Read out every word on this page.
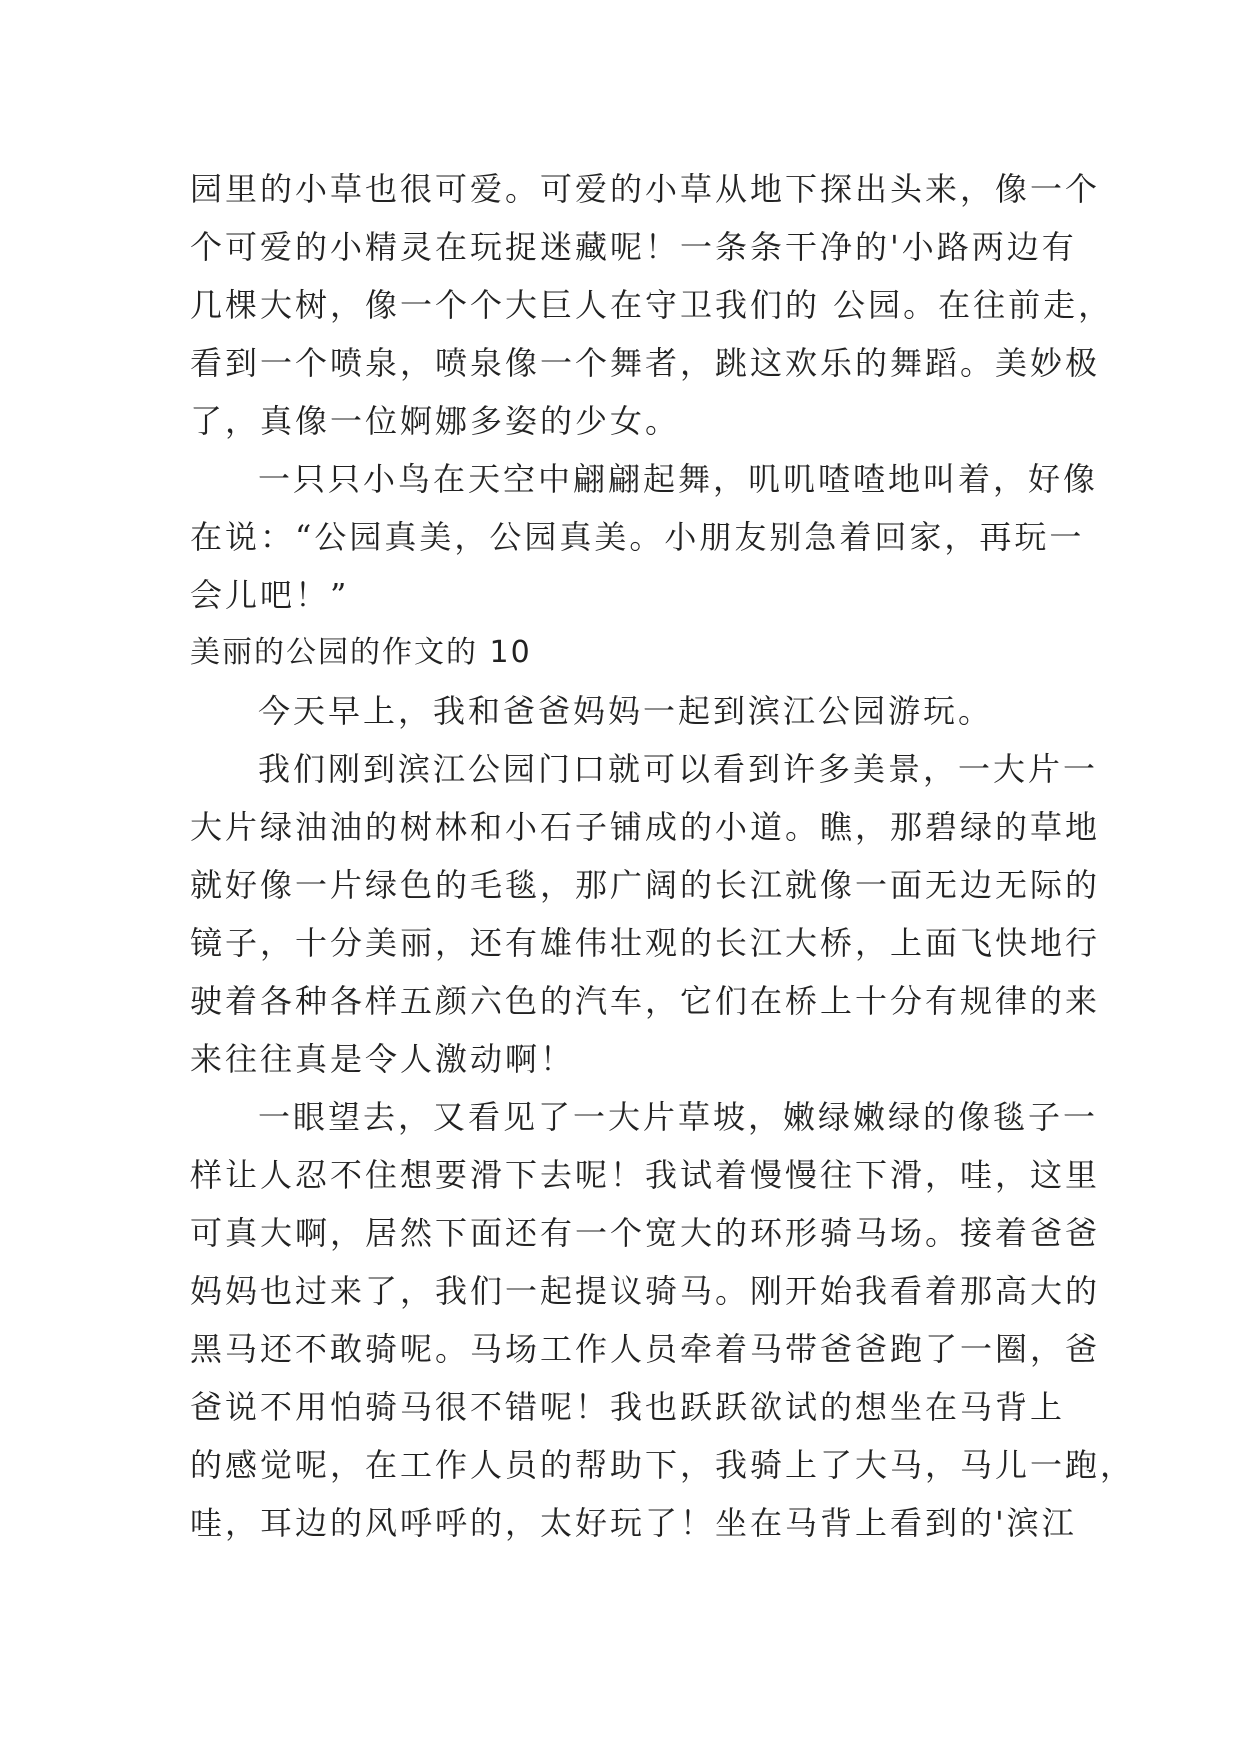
园里的小草也很可爱。可爱的小草从地下探出头来，像一个
个可爱的小精灵在玩捉迷藏呢！一条条干净的'小路两边有
几棵大树，像一个个大巨人在守卫我们的 公园。在往前走，
看到一个喷泉，喷泉像一个舞者，跳这欢乐的舞蹈。美妙极
了，真像一位婀娜多姿的少女。
一只只小鸟在天空中翩翩起舞，叽叽喳喳地叫着，好像
在说：“公园真美，公园真美。小朋友别急着回家，再玩一
会儿吧！”
美丽的公园的作文的 10
今天早上，我和爸爸妈妈一起到滨江公园游玩。
我们刚到滨江公园门口就可以看到许多美景，一大片一
大片绿油油的树林和小石子铺成的小道。瞧，那碧绿的草地
就好像一片绿色的毛毯，那广阔的长江就像一面无边无际的
镜子，十分美丽，还有雄伟壮观的长江大桥，上面飞快地行
驶着各种各样五颜六色的汽车，它们在桥上十分有规律的来
来往往真是令人激动啊！
一眼望去，又看见了一大片草坡，嫩绿嫩绿的像毯子一
样让人忍不住想要滑下去呢！我试着慢慢往下滑，哇，这里
可真大啊，居然下面还有一个宽大的环形骑马场。接着爸爸
妈妈也过来了，我们一起提议骑马。刚开始我看着那高大的
黑马还不敢骑呢。马场工作人员牵着马带爸爸跑了一圈，爸
爸说不用怕骑马很不错呢！我也跃跃欲试的想坐在马背上
的感觉呢，在工作人员的帮助下，我骑上了大马，马儿一跑，
哇，耳边的风呼呼的，太好玩了！坐在马背上看到的'滨江
